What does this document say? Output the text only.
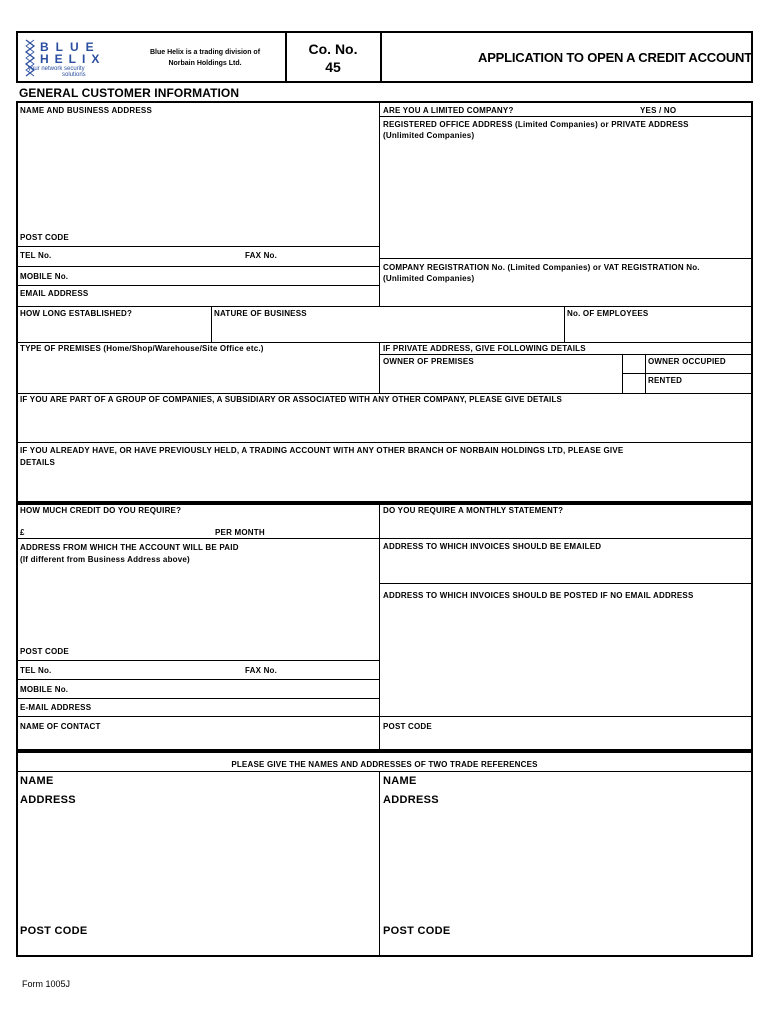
BLUE
HELIX
your network security
solutions
Blue Helix is a trading division of
Norbain Holdings Ltd.
Co. No.
45
APPLICATION TO OPEN A CREDIT ACCOUNT
GENERAL CUSTOMER INFORMATION
NAME AND BUSINESS ADDRESS
POST CODE
TEL No.	FAX No.
MOBILE No.
EMAIL ADDRESS
ARE YOU A LIMITED COMPANY?	YES / NO
REGISTERED OFFICE ADDRESS (Limited Companies) or PRIVATE ADDRESS
(Unlimited Companies)
COMPANY REGISTRATION No. (Limited Companies) or VAT REGISTRATION No.
(Unlimited Companies)
HOW LONG ESTABLISHED?	NATURE OF BUSINESS	No. OF EMPLOYEES
TYPE OF PREMISES (Home/Shop/Warehouse/Site Office etc.)	IF PRIVATE ADDRESS, GIVE FOLLOWING DETAILS
OWNER OF PREMISES	OWNER OCCUPIED
RENTED
IF YOU ARE PART OF A GROUP OF COMPANIES, A SUBSIDIARY OR ASSOCIATED WITH ANY OTHER COMPANY, PLEASE GIVE DETAILS
IF YOU ALREADY HAVE, OR HAVE PREVIOUSLY HELD, A TRADING ACCOUNT WITH ANY OTHER BRANCH OF NORBAIN HOLDINGS LTD, PLEASE GIVE
DETAILS
HOW MUCH CREDIT DO YOU REQUIRE?
£	PER MONTH
DO YOU REQUIRE A MONTHLY STATEMENT?
ADDRESS FROM WHICH THE ACCOUNT WILL BE PAID
(If different from Business Address above)
ADDRESS TO WHICH INVOICES SHOULD BE EMAILED
ADDRESS TO WHICH INVOICES SHOULD BE POSTED IF NO EMAIL ADDRESS
POST CODE
TEL No.	FAX No.
MOBILE No.
E-MAIL ADDRESS
NAME OF CONTACT	POST CODE
PLEASE GIVE THE NAMES AND ADDRESSES OF TWO TRADE REFERENCES
NAME
ADDRESS
POST CODE
NAME
ADDRESS
POST CODE
Form 1005J
